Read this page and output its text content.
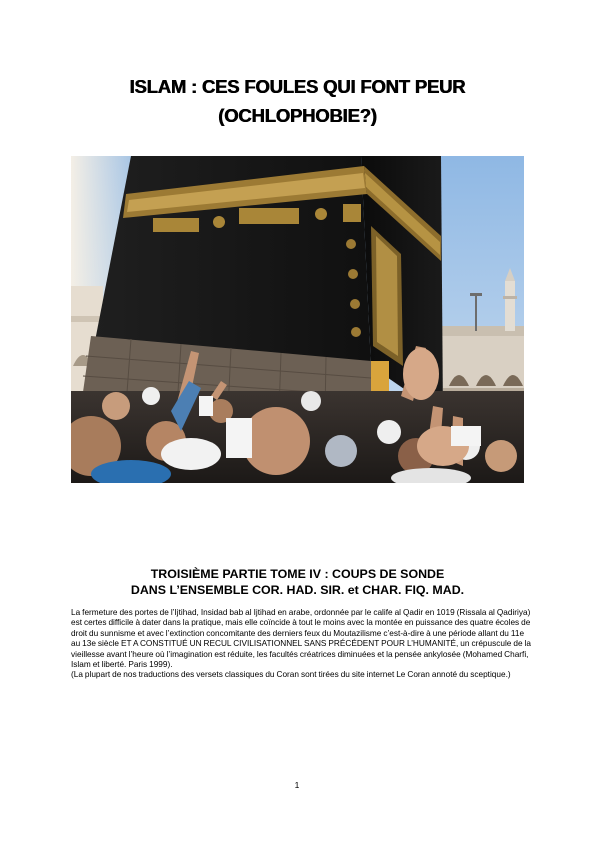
ISLAM : CES FOULES QUI FONT PEUR
(OCHLOPHOBIE?)
TROISIÈME PARTIE TOME IV : COUPS DE SONDE
DANS L’ENSEMBLE COR. HAD. SIR. et CHAR. FIQ. MAD.

La fermeture des portes de l’Ijtihad, Insidad bab al Ijtihad en arabe, ordonnée par le calife al Qadir en 1019 (Rissala al Qadiriya) est certes difficile à dater dans la pratique, mais elle coïncide à tout le moins avec la montée en puissance des quatre écoles de droit du sunnisme et avec l’extinction concomitante des derniers feux du Moutazilisme c’est-à-dire à une période allant du 11e au 13e siècle ET A CONSTITUÉ UN RECUL CIVILISATIONNEL SANS PRÉCÉDENT POUR L’HUMANITÉ, un crépuscule de la vieillesse avant l’heure où l’imagination est réduite, les facultés créatrices diminuées et la pensée ankylosée (Mohamed Charfi, Islam et liberté. Paris 1999).

(La plupart de nos traductions des versets classiques du Coran sont tirées du site internet Le Coran annoté du sceptique.)

1
